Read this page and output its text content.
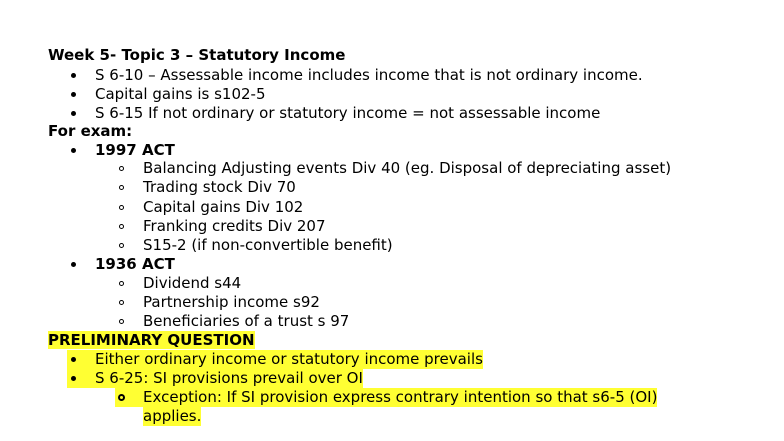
Week 5- Topic 3 – Statutory Income
S 6-10 – Assessable income includes income that is not ordinary income.
Capital gains is s102-5
S 6-15 If not ordinary or statutory income = not assessable income
For exam:
1997 ACT
Balancing Adjusting events Div 40 (eg. Disposal of depreciating asset)
Trading stock Div 70
Capital gains Div 102
Franking credits Div 207
S15-2 (if non-convertible benefit)
1936 ACT
Dividend s44
Partnership income s92
Beneficiaries of a trust s 97
PRELIMINARY QUESTION
Either ordinary income or statutory income prevails
S 6-25: SI provisions prevail over OI
Exception: If SI provision express contrary intention so that s6-5 (OI)
applies.
